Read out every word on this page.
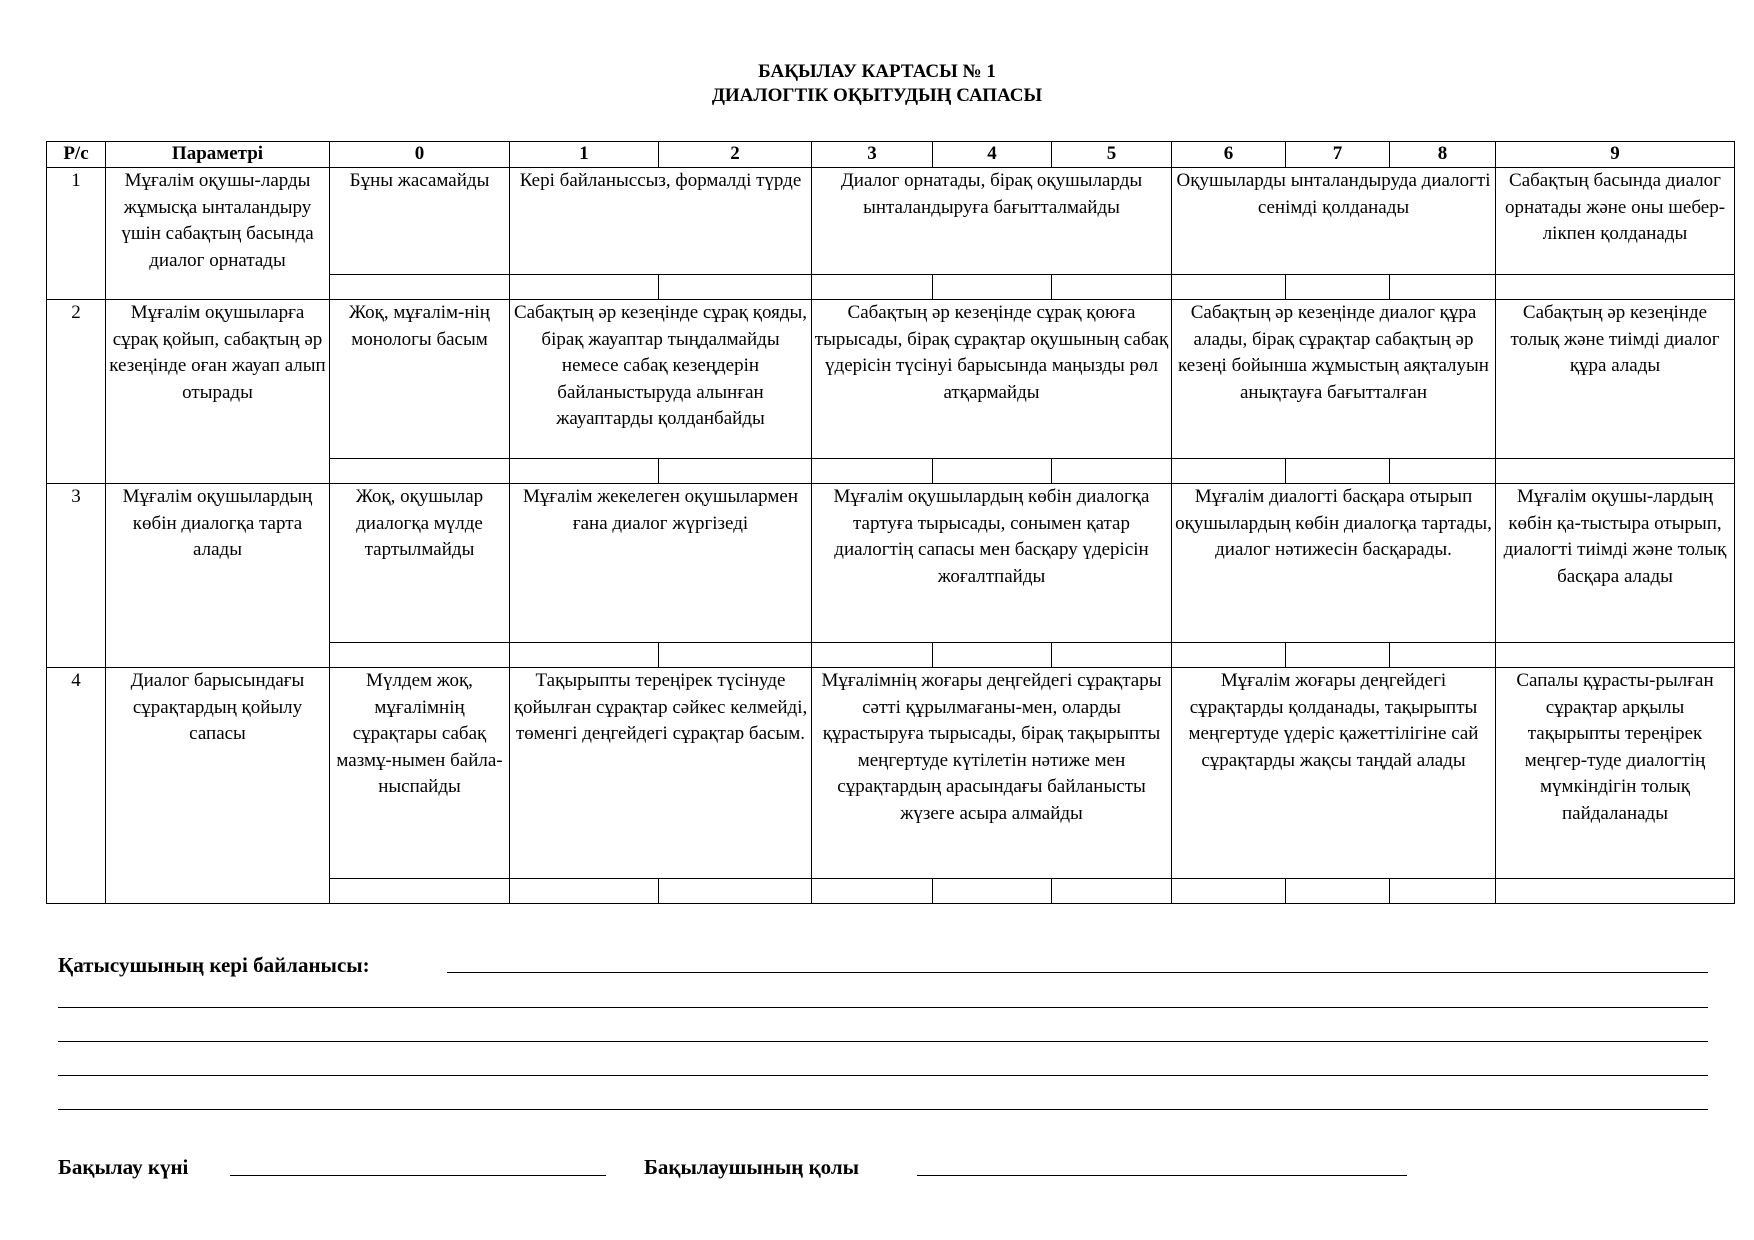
БАҚЫЛАУ КАРТАСЫ № 1
ДИАЛОГТІК ОҚЫТУДЫҢ САПАСЫ
Р/с	Параметрі	0	1	2	3	4	5	6	7	8	9
1	Мұғалім оқушы-ларды жұмысқа ынталандыру үшін сабақтың басында диалог орнатады	Бұны жасамайды	Кері байланыссыз, формалді түрде		Диалог орнатады, бірақ оқушыларды ынталандыруға бағытталмайды			Оқушыларды ынталандыруда диалогті сенімді қолданады			Сабақтың басында диалог орнатады және оны шебер-лікпен қолданады

2	Мұғалім оқушыларға сұрақ қойып, сабақтың әр кезеңінде оған жауап алып отырады	Жоқ, мұғалім-нің монологы басым	Сабақтың әр кезеңінде сұрақ қояды, бірақ жауаптар тыңдалмайды немесе сабақ кезеңдерін байланыстыруда алынған жауаптарды қолданбайды		Сабақтың әр кезеңінде сұрақ қоюға тырысады, бірақ сұрақтар оқушының сабақ үдерісін түсінуі барысында маңызды рөл атқармайды			Сабақтың әр кезеңінде диалог құра алады, бірақ сұрақтар сабақтың әр кезеңі бойынша жұмыстың аяқталуын анықтауға бағытталған			Сабақтың әр кезеңінде толық және тиімді диалог құра алады

3	Мұғалім оқушылардың көбін диалогқа тарта алады	Жоқ, оқушылар диалогқа мүлде тартылмайды	Мұғалім жекелеген оқушылармен ғана диалог жүргізеді		Мұғалім оқушылардың көбін диалогқа тартуға тырысады, сонымен қатар диалогтің сапасы мен басқару үдерісін жоғалтпайды			Мұғалім диалогті басқара отырып оқушылардың көбін диалогқа тартады, диалог нәтижесін басқарады.			Мұғалім оқушы-лардың көбін қа-тыстыра отырып, диалогті тиімді және толық басқара алады

4	Диалог барысындағы сұрақтардың қойылу сапасы	Мүлдем жоқ, мұғалімнің сұрақтары сабақ мазмұ-нымен байла-ныспайды	Тақырыпты тереңірек түсінуде қойылған сұрақтар сәйкес келмейді, төменгі деңгейдегі сұрақтар басым.		Мұғалімнің жоғары деңгейдегі сұрақтары сәтті құрылмағаны-мен, оларды құрастыруға тырысады, бірақ тақырыпты меңгертуде күтілетін нәтиже мен сұрақтардың арасындағы байланысты жүзеге асыра алмайды			Мұғалім жоғары деңгейдегі сұрақтарды қолданады, тақырыпты меңгертуде үдеріс қажеттілігіне сай сұрақтарды жақсы таңдай алады			Сапалы құрасты-рылған сұрақтар арқылы тақырыпты тереңірек меңгер-туде диалогтің мүмкіндігін толық пайдаланады

Қатысушының кері байланысы:
Бақылау күні	Бақылаушының қолы
